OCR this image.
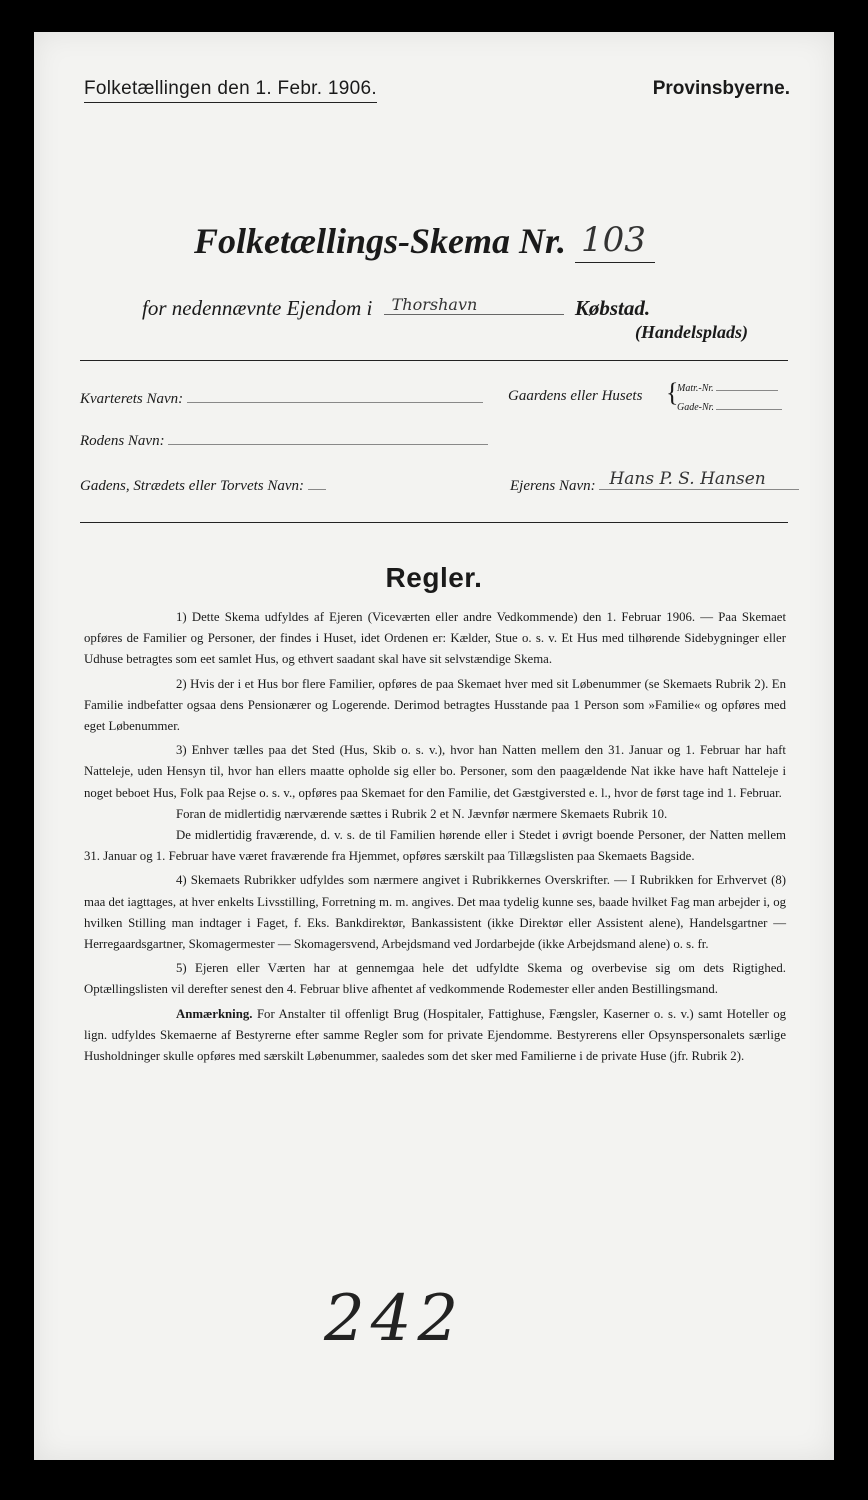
Folketællingen den 1. Febr. 1906.	Provinsbyerne.
Folketællings-Skema Nr. 103
for nedennævnte Ejendom i Thorshavn	Købstad.
(Handelsplads)
Kvarterets Navn:	Gaardens eller Husets {
Matr.-Nr.
Gade-Nr.
Rodens Navn:
Gadens, Strædets eller Torvets Navn:	Ejerens Navn: Hans P. S. Hansen
Regler.

1) Dette Skema udfyldes af Ejeren (Viceværten eller andre Vedkommende) den 1. Februar 1906. — Paa Skemaet opføres de Familier og Personer, der findes i Huset, idet Ordenen er: Kælder, Stue o. s. v. Et Hus med tilhørende Sidebygninger eller Udhuse betragtes som eet samlet Hus, og ethvert saadant skal have sit selvstændige Skema.

2) Hvis der i et Hus bor flere Familier, opføres de paa Skemaet hver med sit Løbenummer (se Skemaets Rubrik 2). En Familie indbefatter ogsaa dens Pensionærer og Logerende. Derimod betragtes Husstande paa 1 Person som »Familie« og opføres med eget Løbenummer.

3) Enhver tælles paa det Sted (Hus, Skib o. s. v.), hvor han Natten mellem den 31. Januar og 1. Februar har haft Natteleje, uden Hensyn til, hvor han ellers maatte opholde sig eller bo. Personer, som den paagældende Nat ikke have haft Natteleje i noget beboet Hus, Folk paa Rejse o. s. v., opføres paa Skemaet for den Familie, det Gæstgiversted e. l., hvor de først tage ind 1. Februar.

Foran de midlertidig nærværende sættes i Rubrik 2 et N. Jævnfør nærmere Skemaets Rubrik 10.

De midlertidig fraværende, d. v. s. de til Familien hørende eller i Stedet i øvrigt boende Personer, der Natten mellem 31. Januar og 1. Februar have været fraværende fra Hjemmet, opføres særskilt paa Tillægslisten paa Skemaets Bagside.

4) Skemaets Rubrikker udfyldes som nærmere angivet i Rubrikkernes Overskrifter. — I Rubrikken for Erhvervet (8) maa det iagttages, at hver enkelts Livsstilling, Forretning m. m. angives. Det maa tydelig kunne ses, baade hvilket Fag man arbejder i, og hvilken Stilling man indtager i Faget, f. Eks. Bankdirektør, Bankassistent (ikke Direktør eller Assistent alene), Handelsgartner — Herregaardsgartner, Skomagermester — Skomagersvend, Arbejdsmand ved Jordarbejde (ikke Arbejdsmand alene) o. s. fr.

5) Ejeren eller Værten har at gennemgaa hele det udfyldte Skema og overbevise sig om dets Rigtighed. Optællingslisten vil derefter senest den 4. Februar blive afhentet af vedkommende Rodemester eller anden Bestillingsmand.

Anmærkning. For Anstalter til offenligt Brug (Hospitaler, Fattighuse, Fængsler, Kaserner o. s. v.) samt Hoteller og lign. udfyldes Skemaerne af Bestyrerne efter samme Regler som for private Ejendomme. Bestyrerens eller Opsynspersonalets særlige Husholdninger skulle opføres med særskilt Løbenummer, saaledes som det sker med Familierne i de private Huse (jfr. Rubrik 2).

242
